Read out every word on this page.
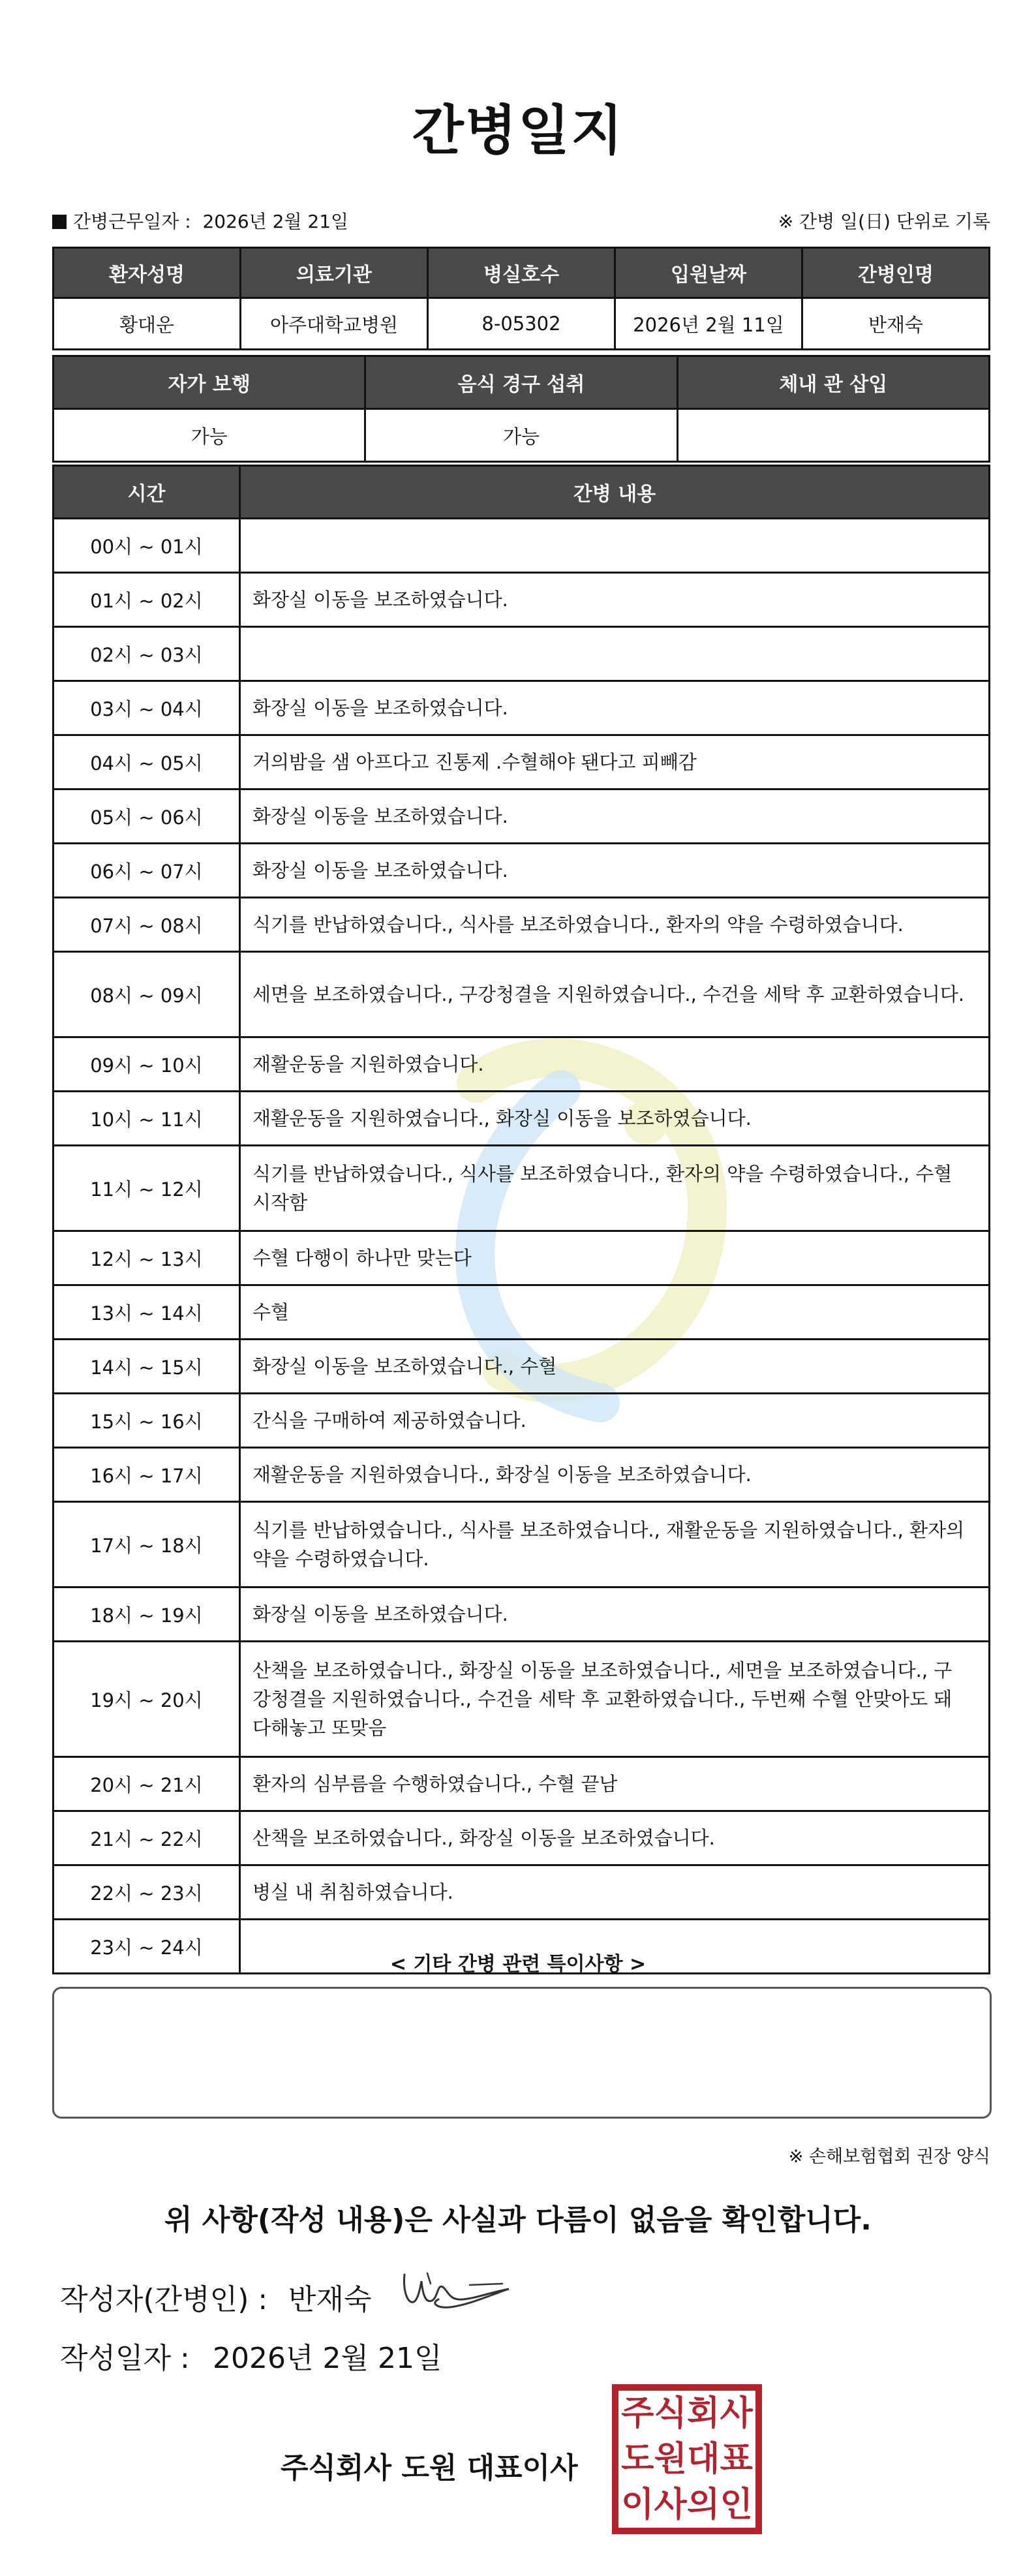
간병일지
간병근무일자 : 2026년 2월 21일	※ 간병 일(日) 단위로 기록
환자성명	의료기관	병실호수	입원날짜	간병인명
황대운	아주대학교병원	8-05302	2026년 2월 11일	반재숙
자가 보행	음식 경구 섭취	체내 관 삽입
가능	가능	
시간	간병 내용
00시 ~ 01시	
01시 ~ 02시	화장실 이동을 보조하였습니다.
02시 ~ 03시	
03시 ~ 04시	화장실 이동을 보조하였습니다.
04시 ~ 05시	거의밤을 샘 아프다고 진통제 .수혈해야 됀다고 피빼감
05시 ~ 06시	화장실 이동을 보조하였습니다.
06시 ~ 07시	화장실 이동을 보조하였습니다.
07시 ~ 08시	식기를 반납하였습니다., 식사를 보조하였습니다., 환자의 약을 수령하였습니다.
08시 ~ 09시	세면을 보조하였습니다., 구강청결을 지원하였습니다., 수건을 세탁 후 교환하였습니다.
09시 ~ 10시	재활운동을 지원하였습니다.
10시 ~ 11시	재활운동을 지원하였습니다., 화장실 이동을 보조하였습니다.
11시 ~ 12시	식기를 반납하였습니다., 식사를 보조하였습니다., 환자의 약을 수령하였습니다., 수혈시작함
12시 ~ 13시	수혈 다행이 하나만 맞는다
13시 ~ 14시	수혈
14시 ~ 15시	화장실 이동을 보조하였습니다., 수혈
15시 ~ 16시	간식을 구매하여 제공하였습니다.
16시 ~ 17시	재활운동을 지원하였습니다., 화장실 이동을 보조하였습니다.
17시 ~ 18시	식기를 반납하였습니다., 식사를 보조하였습니다., 재활운동을 지원하였습니다., 환자의 약을 수령하였습니다.
18시 ~ 19시	화장실 이동을 보조하였습니다.
19시 ~ 20시	산책을 보조하였습니다., 화장실 이동을 보조하였습니다., 세면을 보조하였습니다., 구강청결을 지원하였습니다., 수건을 세탁 후 교환하였습니다., 두번째 수혈 안맞아도 돼다해놓고 또맞음
20시 ~ 21시	환자의 심부름을 수행하였습니다., 수혈 끝남
21시 ~ 22시	산책을 보조하였습니다., 화장실 이동을 보조하였습니다.
22시 ~ 23시	병실 내 취침하였습니다.
23시 ~ 24시	
< 기타 간병 관련 특이사항 >
※ 손해보험협회 권장 양식
위 사항(작성 내용)은 사실과 다름이 없음을 확인합니다.
작성자(간병인) : 반재숙
작성일자 : 2026년 2월 21일
주식회사 도원 대표이사
주 식 회 사
도 원 대 표
이 사 의 인
